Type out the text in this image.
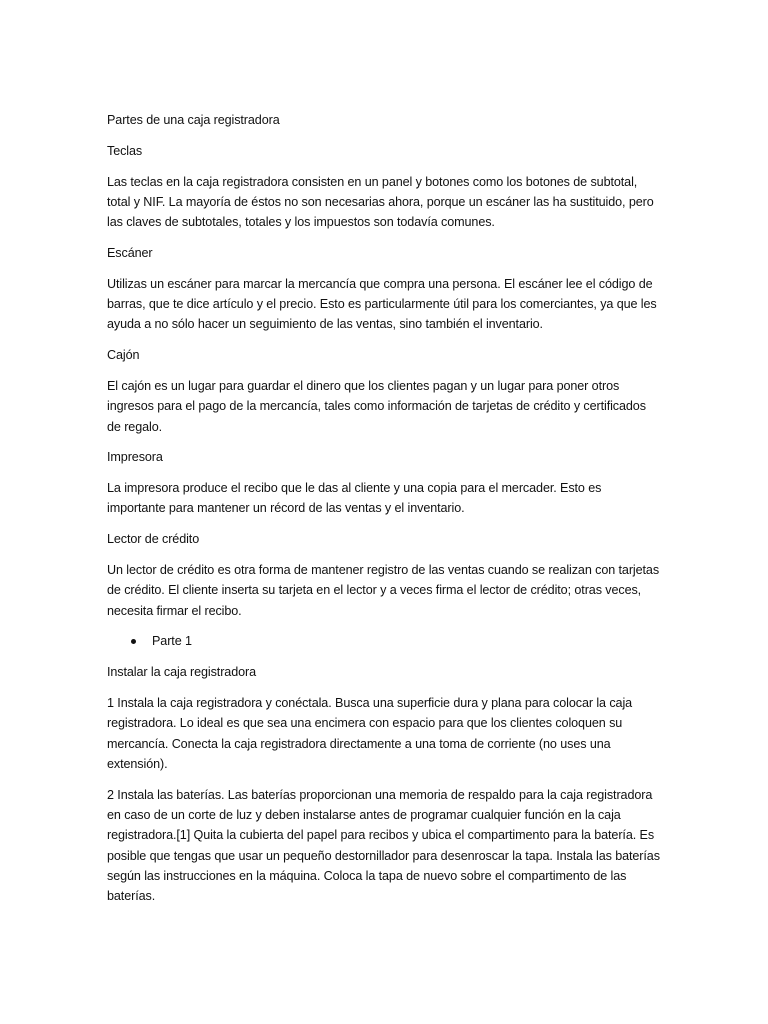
Partes de una caja registradora

Teclas

Las teclas en la caja registradora consisten en un panel y botones como los botones de subtotal, total y NIF. La mayoría de éstos no son necesarias ahora, porque un escáner las ha sustituido, pero las claves de subtotales, totales y los impuestos son todavía comunes.

Escáner

Utilizas un escáner para marcar la mercancía que compra una persona. El escáner lee el código de barras, que te dice artículo y el precio. Esto es particularmente útil para los comerciantes, ya que les ayuda a no sólo hacer un seguimiento de las ventas, sino también el inventario.

Cajón

El cajón es un lugar para guardar el dinero que los clientes pagan y un lugar para poner otros ingresos para el pago de la mercancía, tales como información de tarjetas de crédito y certificados de regalo.

Impresora

La impresora produce el recibo que le das al cliente y una copia para el mercader. Esto es importante para mantener un récord de las ventas y el inventario.

Lector de crédito

Un lector de crédito es otra forma de mantener registro de las ventas cuando se realizan con tarjetas de crédito. El cliente inserta su tarjeta en el lector y a veces firma el lector de crédito; otras veces, necesita firmar el recibo.

Parte 1

Instalar la caja registradora

1 Instala la caja registradora y conéctala. Busca una superficie dura y plana para colocar la caja registradora. Lo ideal es que sea una encimera con espacio para que los clientes coloquen su mercancía. Conecta la caja registradora directamente a una toma de corriente (no uses una extensión).

2 Instala las baterías. Las baterías proporcionan una memoria de respaldo para la caja registradora en caso de un corte de luz y deben instalarse antes de programar cualquier función en la caja registradora.[1] Quita la cubierta del papel para recibos y ubica el compartimento para la batería. Es posible que tengas que usar un pequeño destornillador para desenroscar la tapa. Instala las baterías según las instrucciones en la máquina. Coloca la tapa de nuevo sobre el compartimento de las baterías.
